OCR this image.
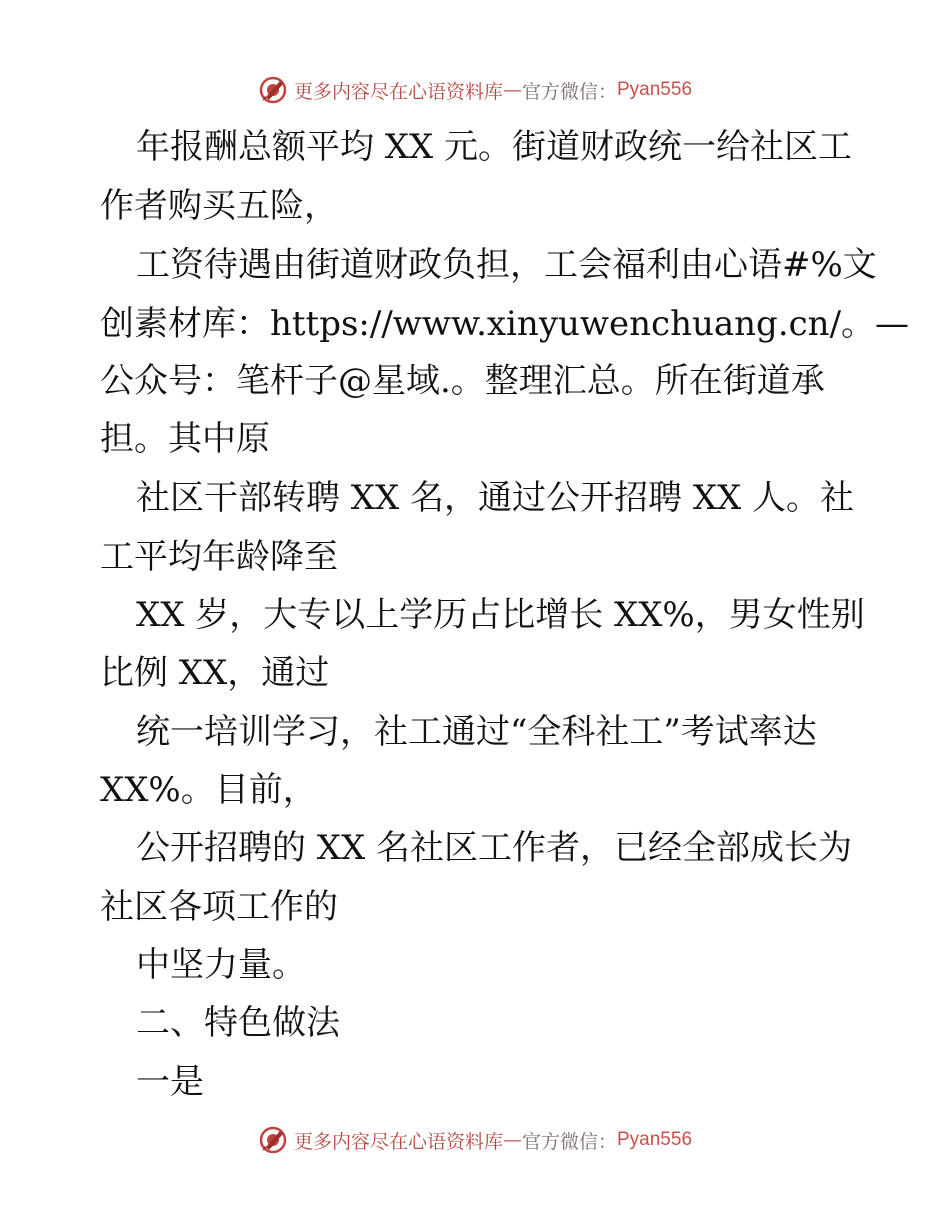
更多内容尽在心语资料库 — 官方微信： Pyan556
年报酬总额平均 XX 元。街道财政统一给社区工
作者购买五险，
工资待遇由街道财政负担，工会福利由心语#%文
创素材库：https://www.xinyuwenchuang.cn/。—
公众号：笔杆子@星域.。整理汇总。所在街道承
担。其中原
社区干部转聘 XX 名，通过公开招聘 XX 人。社
工平均年龄降至
XX 岁，大专以上学历占比增长 XX%，男女性别
比例 XX，通过
统一培训学习，社工通过“全科社工”考试率达
XX%。目前，
公开招聘的 XX 名社区工作者，已经全部成长为
社区各项工作的
中坚力量。
二、特色做法
一是
更多内容尽在心语资料库 — 官方微信： Pyan556
